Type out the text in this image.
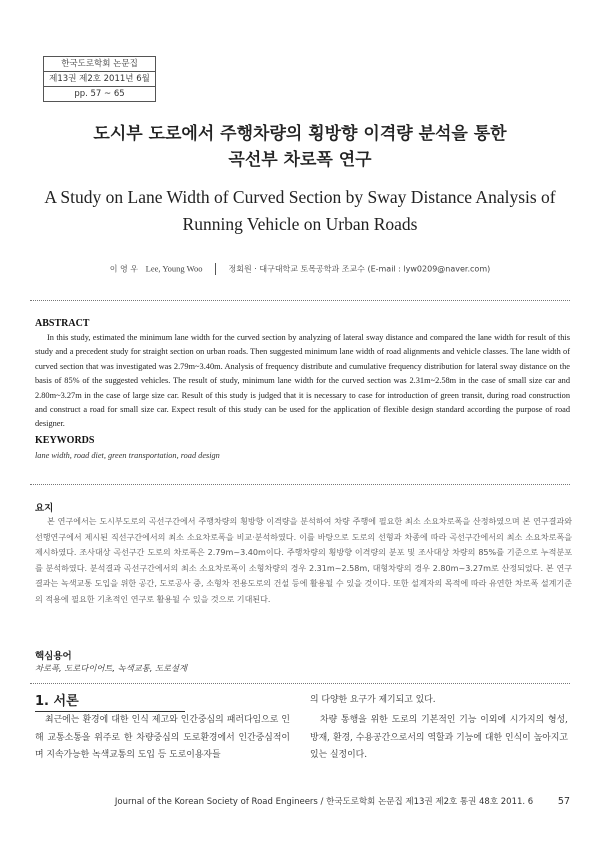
한국도로학회 논문집
제13권 제2호 2011년 6월
pp. 57 ~ 65
도시부 도로에서 주행차량의 횡방향 이격량 분석을 통한
곡선부 차로폭 연구
A Study on Lane Width of Curved Section by Sway Distance Analysis of
Running Vehicle on Urban Roads
이 영 우 Lee, Young Woo	정회원 · 대구대학교 토목공학과 조교수 (E-mail : lyw0209@naver.com)
ABSTRACT
In this study, estimated the minimum lane width for the curved section by analyzing of lateral sway distance and compared the lane width for result of this study and a precedent study for straight section on urban roads. Then suggested minimum lane width of road alignments and vehicle classes. The lane width of curved section that was investigated was 2.79m~3.40m. Analysis of frequency distribute and cumulative frequency distribution for lateral sway distance on the basis of 85% of the suggested vehicles. The result of study, minimum lane width for the curved section was 2.31m~2.58m in the case of small size car and 2.80m~3.27m in the case of large size car. Result of this study is judged that it is necessary to case for introduction of green transit, during road construction and construct a road for small size car. Expect result of this study can be used for the application of flexible design standard according the purpose of road designer.
KEYWORDS
lane width, road diet, green transportation, road design
요지
본 연구에서는 도시부도로의 곡선구간에서 주행차량의 횡방향 이격량을 분석하여 차량 주행에 필요한 최소 소요차로폭을 산정하였으며 본 연구결과와 선행연구에서 제시된 직선구간에서의 최소 소요차로폭을 비교·분석하였다. 이를 바탕으로 도로의 선형과 차종에 따라 곡선구간에서의 최소 소요차로폭을 제시하였다. 조사대상 곡선구간 도로의 차로폭은 2.79m~3.40m이다. 주행차량의 횡방향 이격량의 분포 및 조사대상 차량의 85%를 기준으로 누적분포를 분석하였다. 분석결과 곡선구간에서의 최소 소요차로폭이 소형차량의 경우 2.31m~2.58m, 대형차량의 경우 2.80m~3.27m로 산정되었다. 본 연구결과는 녹색교통 도입을 위한 공간, 도로공사 중, 소형차 전용도로의 건설 등에 활용될 수 있을 것이다. 또한 설계자의 목적에 따라 유연한 차로폭 설계기준의 적용에 필요한 기초적인 연구로 활용될 수 있을 것으로 기대된다.
핵심용어
차로폭, 도로다이어트, 녹색교통, 도로설계
1. 서론
최근에는 환경에 대한 인식 제고와 인간중심의 패러다임으로 인해 교통소통을 위주로 한 차량중심의 도로환경에서 인간중심적이며 지속가능한 녹색교통의 도입 등 도로이용자들
의 다양한 요구가 제기되고 있다.
차량 통행을 위한 도로의 기본적인 기능 이외에 시가지의 형성, 방재, 환경, 수용공간으로서의 역할과 기능에 대한 인식이 높아지고 있는 실정이다.
Journal of the Korean Society of Road Engineers / 한국도로학회 논문집 제13권 제2호 통권 48호 2011. 6	57
